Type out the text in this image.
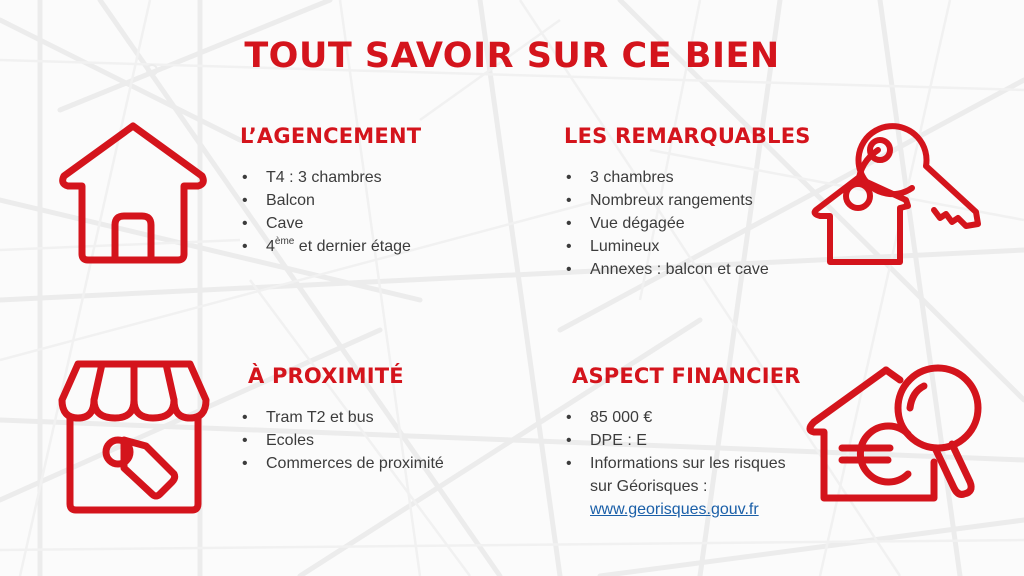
TOUT SAVOIR SUR CE BIEN
L’AGENCEMENT
• T4 : 3 chambres
• Balcon
• Cave
• 4ème et dernier étage
LES REMARQUABLES
• 3 chambres
• Nombreux rangements
• Vue dégagée
• Lumineux
• Annexes : balcon et cave
À PROXIMITÉ
• Tram T2 et bus
• Ecoles
• Commerces de proximité
ASPECT FINANCIER
• 85 000 €
• DPE : E
• Informations sur les risques
sur Géorisques :
www.georisques.gouv.fr
